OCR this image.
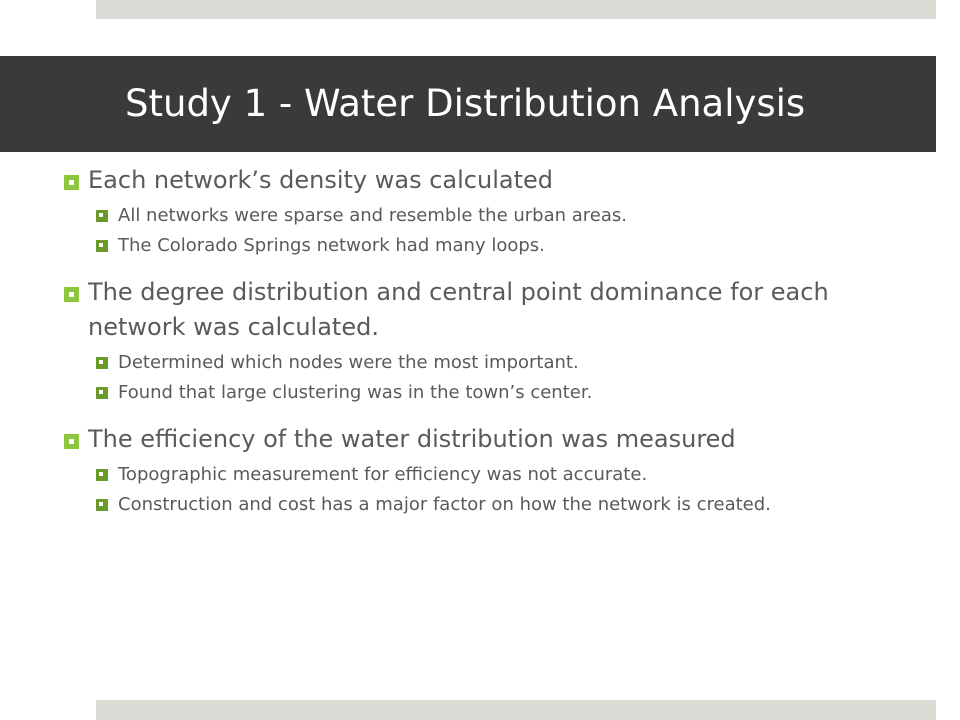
Study 1 - Water Distribution Analysis
Each network’s density was calculated
All networks were sparse and resemble the urban areas.
The Colorado Springs network had many loops.
The degree distribution and central point dominance for each network was calculated.
Determined which nodes were the most important.
Found that large clustering was in the town’s center.
The efficiency of the water distribution was measured
Topographic measurement for efficiency was not accurate.
Construction and cost has a major factor on how the network is created.
